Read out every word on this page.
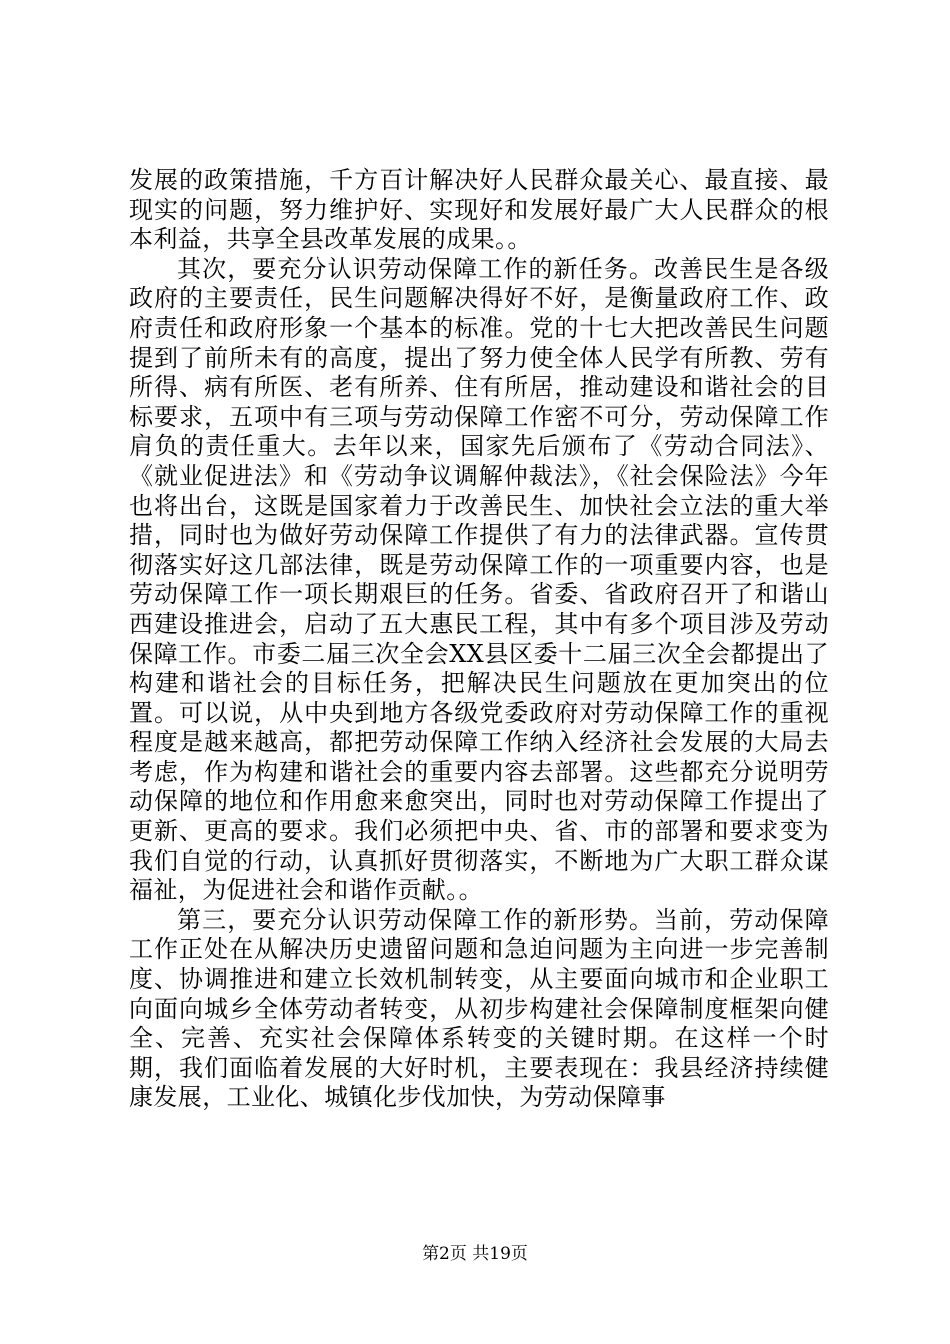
发展的政策措施，千方百计解决好人民群众最关心、最直接、最现实的问题，努力维护好、实现好和发展好最广大人民群众的根本利益，共享全县改革发展的成果。。

其次，要充分认识劳动保障工作的新任务。改善民生是各级政府的主要责任，民生问题解决得好不好，是衡量政府工作、政府责任和政府形象一个基本的标准。党的十七大把改善民生问题提到了前所未有的高度，提出了努力使全体人民学有所教、劳有所得、病有所医、老有所养、住有所居，推动建设和谐社会的目标要求，五项中有三项与劳动保障工作密不可分，劳动保障工作肩负的责任重大。去年以来，国家先后颁布了《劳动合同法》、《就业促进法》和《劳动争议调解仲裁法》，《社会保险法》今年也将出台，这既是国家着力于改善民生、加快社会立法的重大举措，同时也为做好劳动保障工作提供了有力的法律武器。宣传贯彻落实好这几部法律，既是劳动保障工作的一项重要内容，也是劳动保障工作一项长期艰巨的任务。省委、省政府召开了和谐山西建设推进会，启动了五大惠民工程，其中有多个项目涉及劳动保障工作。市委二届三次全会XX县区委十二届三次全会都提出了构建和谐社会的目标任务，把解决民生问题放在更加突出的位置。可以说，从中央到地方各级党委政府对劳动保障工作的重视程度是越来越高，都把劳动保障工作纳入经济社会发展的大局去考虑，作为构建和谐社会的重要内容去部署。这些都充分说明劳动保障的地位和作用愈来愈突出，同时也对劳动保障工作提出了更新、更高的要求。我们必须把中央、省、市的部署和要求变为我们自觉的行动，认真抓好贯彻落实，不断地为广大职工群众谋福祉，为促进社会和谐作贡献。。

第三，要充分认识劳动保障工作的新形势。当前，劳动保障工作正处在从解决历史遗留问题和急迫问题为主向进一步完善制度、协调推进和建立长效机制转变，从主要面向城市和企业职工向面向城乡全体劳动者转变，从初步构建社会保障制度框架向健全、完善、充实社会保障体系转变的关键时期。在这样一个时期，我们面临着发展的大好时机，主要表现在：我县经济持续健康发展，工业化、城镇化步伐加快，为劳动保障事

第2页 共19页
